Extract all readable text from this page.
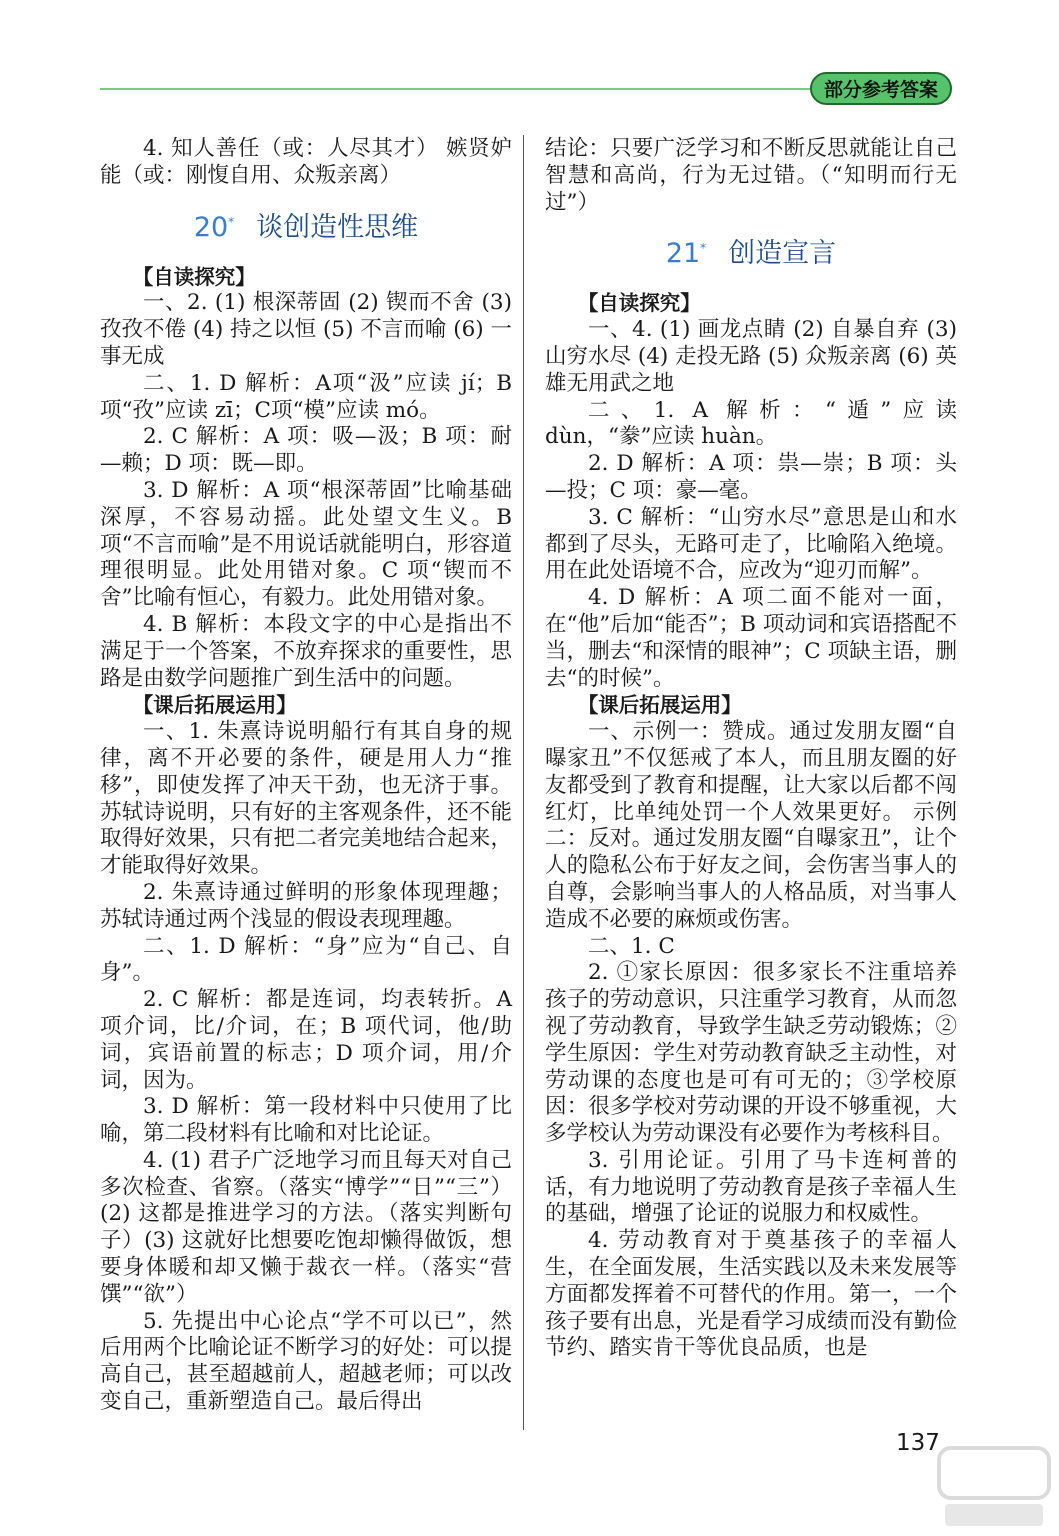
部分参考答案

4. 知人善任（或：人尽其才） 嫉贤妒能（或：刚愎自用、众叛亲离）

20* 谈创造性思维

【自读探究】

一、2. (1) 根深蒂固 (2) 锲而不舍 (3) 孜孜不倦 (4) 持之以恒 (5) 不言而喻 (6) 一事无成

二、1. D 解析：A项“汲”应读 jí；B项“孜”应读 zī；C项“模”应读 mó。

2. C 解析：A 项：吸—汲；B 项：耐—赖；D 项：既—即。

3. D 解析：A 项“根深蒂固”比喻基础深厚，不容易动摇。此处望文生义。B 项“不言而喻”是不用说话就能明白，形容道理很明显。此处用错对象。C 项“锲而不舍”比喻有恒心，有毅力。此处用错对象。

4. B 解析：本段文字的中心是指出不满足于一个答案，不放弃探求的重要性，思路是由数学问题推广到生活中的问题。

【课后拓展运用】

一、1. 朱熹诗说明船行有其自身的规律，离不开必要的条件，硬是用人力“推移”，即使发挥了冲天干劲，也无济于事。苏轼诗说明，只有好的主客观条件，还不能取得好效果，只有把二者完美地结合起来，才能取得好效果。

2. 朱熹诗通过鲜明的形象体现理趣；苏轼诗通过两个浅显的假设表现理趣。

二、1. D 解析：“身”应为“自己、自身”。

2. C 解析：都是连词，均表转折。A 项介词，比/介词，在；B 项代词，他/助词，宾语前置的标志；D 项介词，用/介词，因为。

3. D 解析：第一段材料中只使用了比喻，第二段材料有比喻和对比论证。

4. (1) 君子广泛地学习而且每天对自己多次检查、省察。（落实“博学”“日”“三”）(2) 这都是推进学习的方法。（落实判断句子）(3) 这就好比想要吃饱却懒得做饭，想要身体暖和却又懒于裁衣一样。（落实“营馔”“欲”）

5. 先提出中心论点“学不可以已”，然后用两个比喻论证不断学习的好处：可以提高自己，甚至超越前人，超越老师；可以改变自己，重新塑造自己。最后得出

结论：只要广泛学习和不断反思就能让自己智慧和高尚，行为无过错。（“知明而行无过”）

21* 创造宣言

【自读探究】

一、4. (1) 画龙点睛 (2) 自暴自弃 (3) 山穷水尽 (4) 走投无路 (5) 众叛亲离 (6) 英雄无用武之地

二、1. A 解析：“遁”应读 dùn，“豢”应读 huàn。

2. D 解析：A 项：祟—崇；B 项：头—投；C 项：豪—毫。

3. C 解析：“山穷水尽”意思是山和水都到了尽头，无路可走了，比喻陷入绝境。用在此处语境不合，应改为“迎刃而解”。

4. D 解析：A 项二面不能对一面，在“他”后加“能否”；B 项动词和宾语搭配不当，删去“和深情的眼神”；C 项缺主语，删去“的时候”。

【课后拓展运用】

一、示例一：赞成。通过发朋友圈“自曝家丑”不仅惩戒了本人，而且朋友圈的好友都受到了教育和提醒，让大家以后都不闯红灯，比单纯处罚一个人效果更好。 示例二：反对。通过发朋友圈“自曝家丑”，让个人的隐私公布于好友之间，会伤害当事人的自尊，会影响当事人的人格品质，对当事人造成不必要的麻烦或伤害。

二、1. C

2. ①家长原因：很多家长不注重培养孩子的劳动意识，只注重学习教育，从而忽视了劳动教育，导致学生缺乏劳动锻炼；②学生原因：学生对劳动教育缺乏主动性，对劳动课的态度也是可有可无的；③学校原因：很多学校对劳动课的开设不够重视，大多学校认为劳动课没有必要作为考核科目。

3. 引用论证。引用了马卡连柯普的话，有力地说明了劳动教育是孩子幸福人生的基础，增强了论证的说服力和权威性。

4. 劳动教育对于奠基孩子的幸福人生，在全面发展，生活实践以及未来发展等方面都发挥着不可替代的作用。第一，一个孩子要有出息，光是看学习成绩而没有勤俭节约、踏实肯干等优良品质，也是

137
